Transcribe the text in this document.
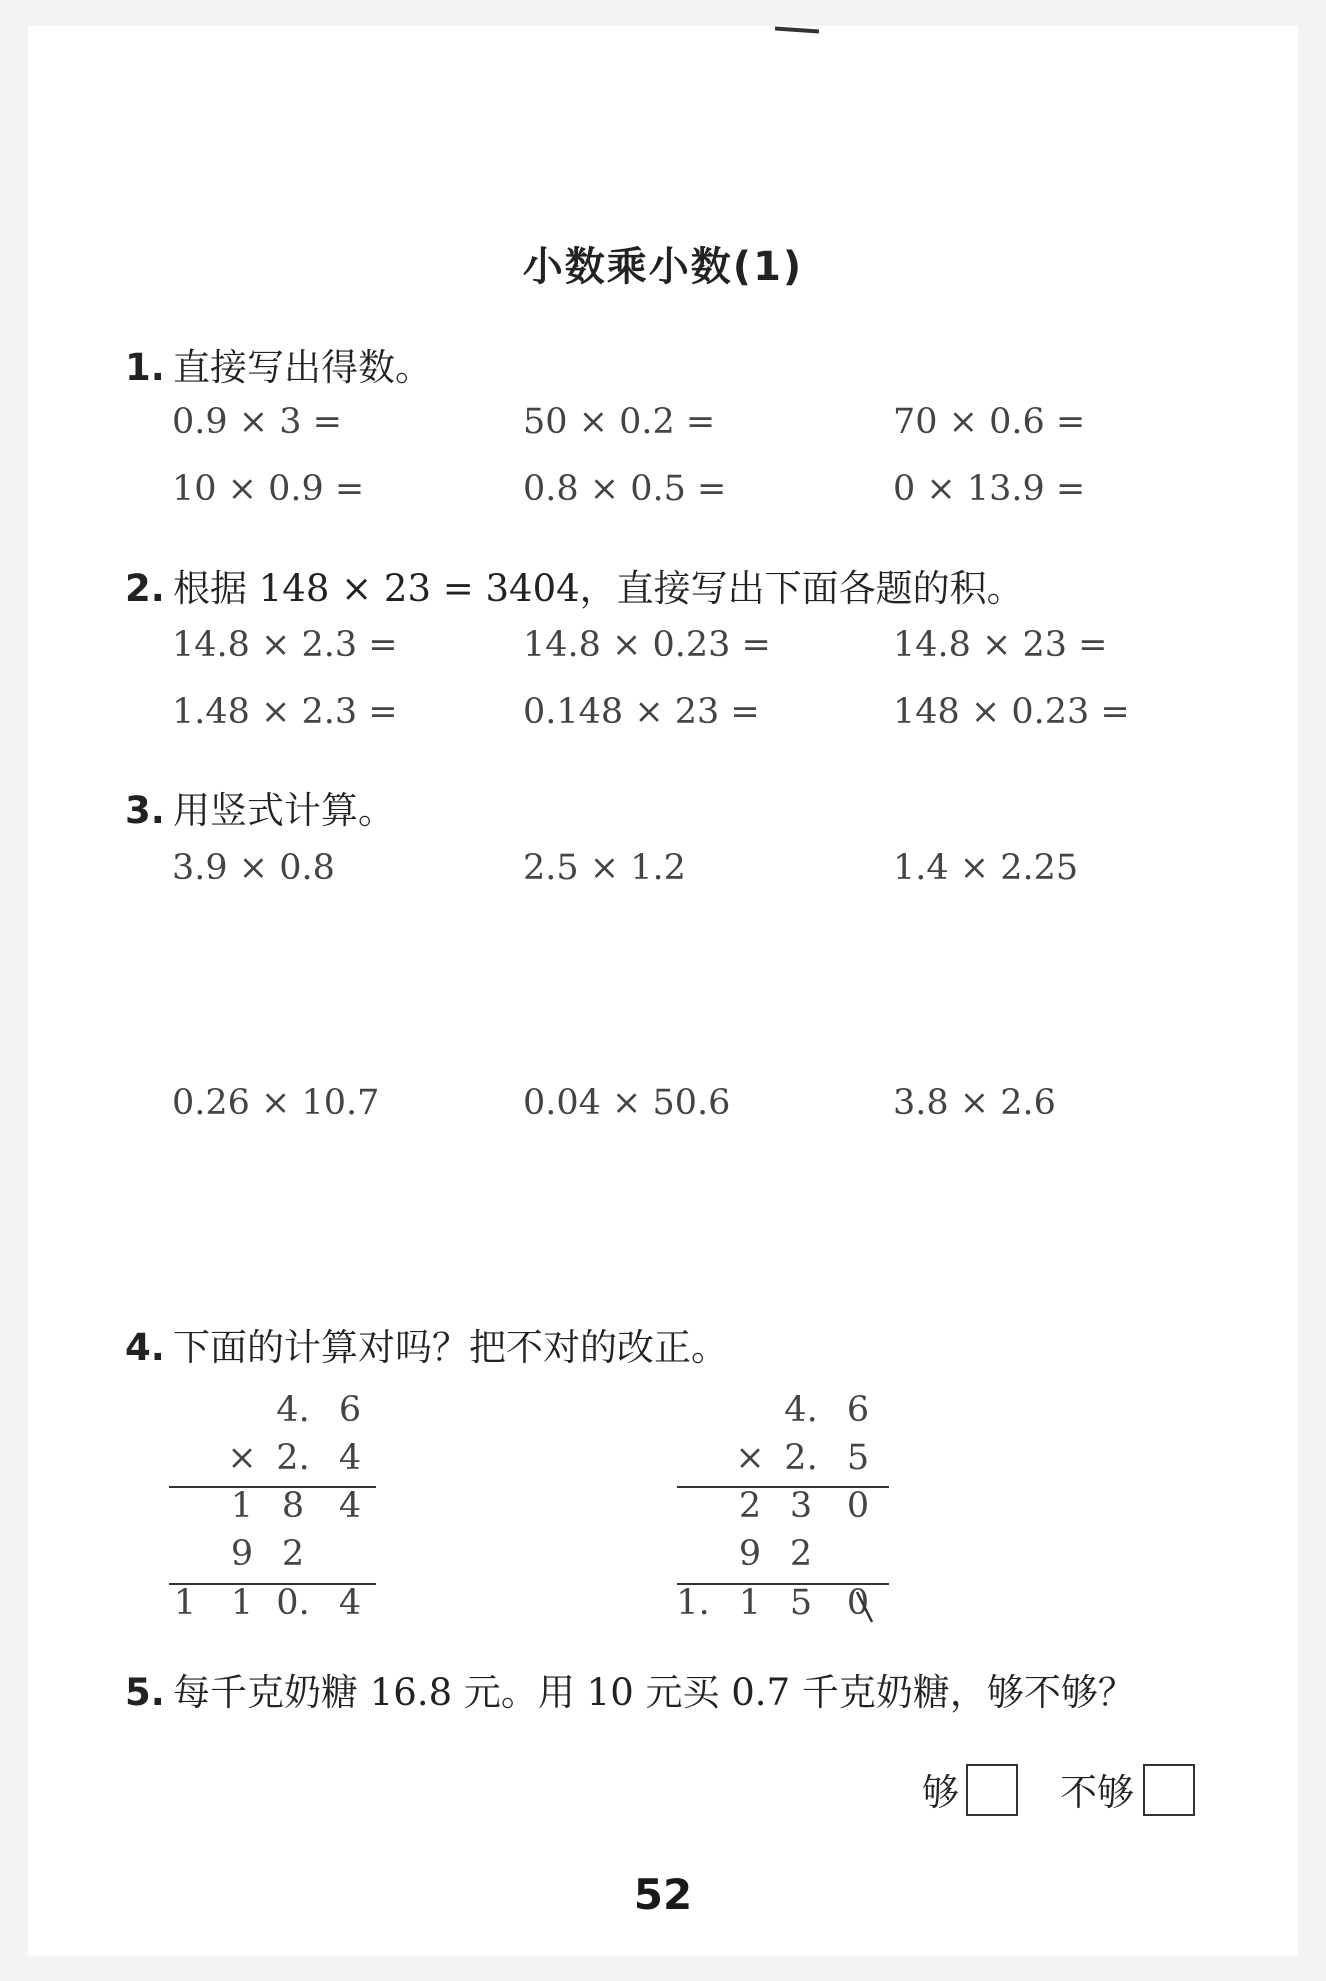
小数乘小数(1)
1. 直接写出得数。
0.9 × 3 =	50 × 0.2 =	70 × 0.6 =
10 × 0.9 =	0.8 × 0.5 =	0 × 13.9 =
2. 根据 148 × 23 = 3404，直接写出下面各题的积。
14.8 × 2.3 =	14.8 × 0.23 =	14.8 × 23 =
1.48 × 2.3 =	0.148 × 23 =	148 × 0.23 =
3. 用竖式计算。
3.9 × 0.8	2.5 × 1.2	1.4 × 2.25
0.26 × 10.7	0.04 × 50.6	3.8 × 2.6
4. 下面的计算对吗？把不对的改正。
4. 6
× 2. 4
1 8 4
9 2
1 1 0. 4
4. 6
× 2. 5
2 3 0
9 2
1. 1 5 0
5. 每千克奶糖 16.8 元。用 10 元买 0.7 千克奶糖，够不够？
够	不够
52
